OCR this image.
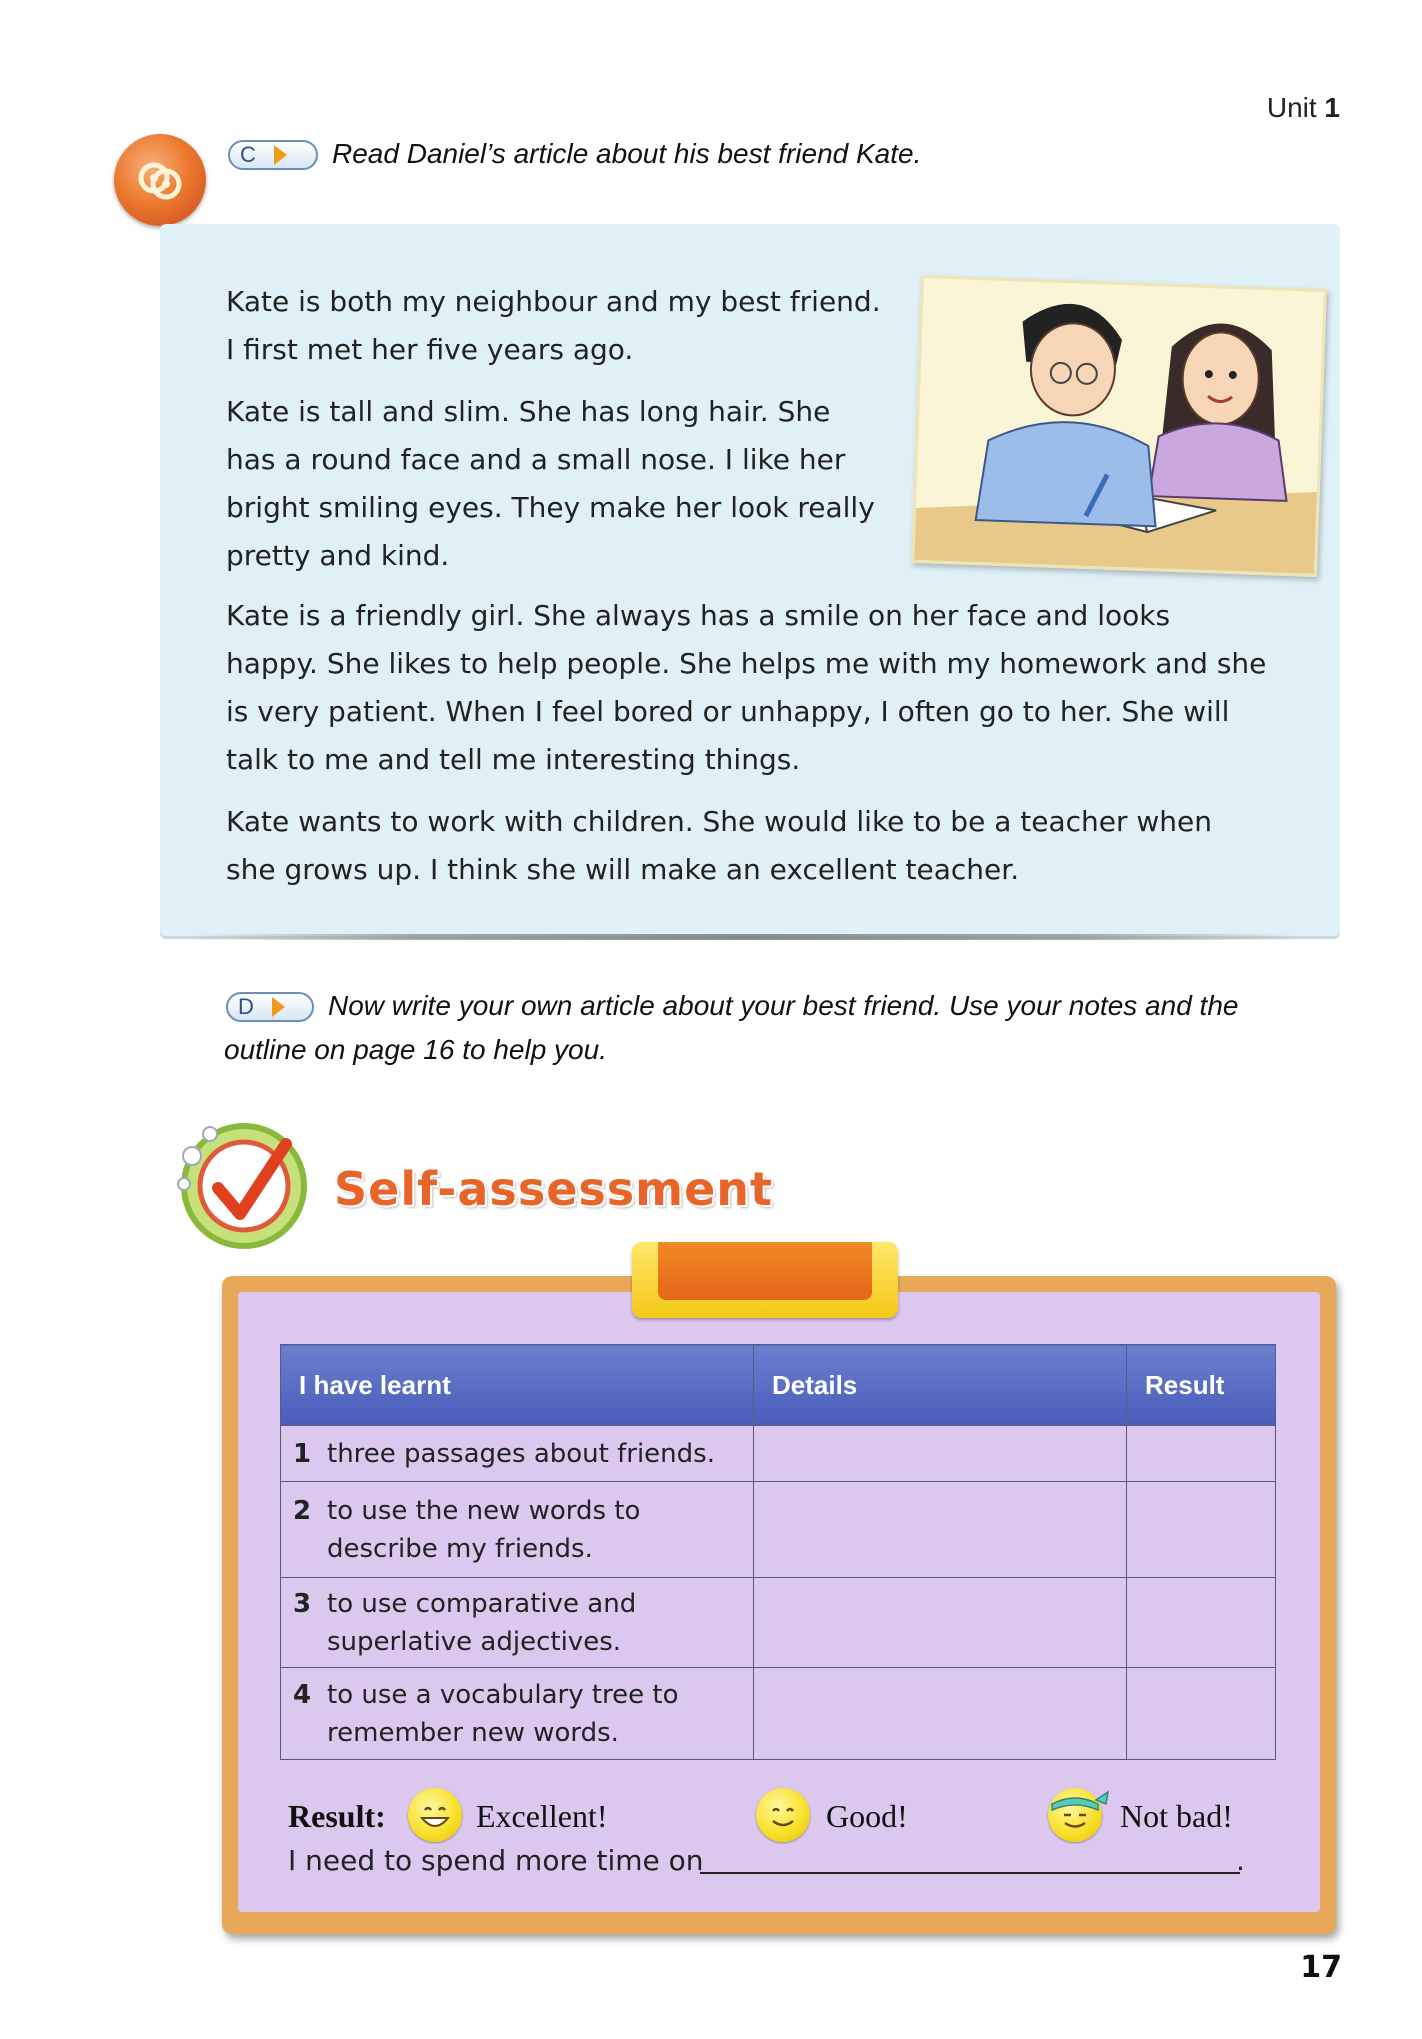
Unit 1
C	Read Daniel’s article about his best friend Kate.

Kate is both my neighbour and my best friend.

I first met her five years ago.

Kate is tall and slim. She has long hair. She

has a round face and a small nose. I like her

bright smiling eyes. They make her look really

pretty and kind.

Kate is a friendly girl. She always has a smile on her face and looks

happy. She likes to help people. She helps me with my homework and she

is very patient. When I feel bored or unhappy, I often go to her. She will

talk to me and tell me interesting things.

Kate wants to work with children. She would like to be a teacher when

she grows up. I think she will make an excellent teacher.

D	Now write your own article about your best friend. Use your notes and the
outline on page 16 to help you.
Self-assessment
I have learnt	Details	Result
1 three passages about friends.		
2 to use the new words to describe my friends.		
3 to use comparative and superlative adjectives.		
4 to use a vocabulary tree to remember new words.		
Result:	Excellent!	Good!	Not bad!
I need to spend more time on	.
17
